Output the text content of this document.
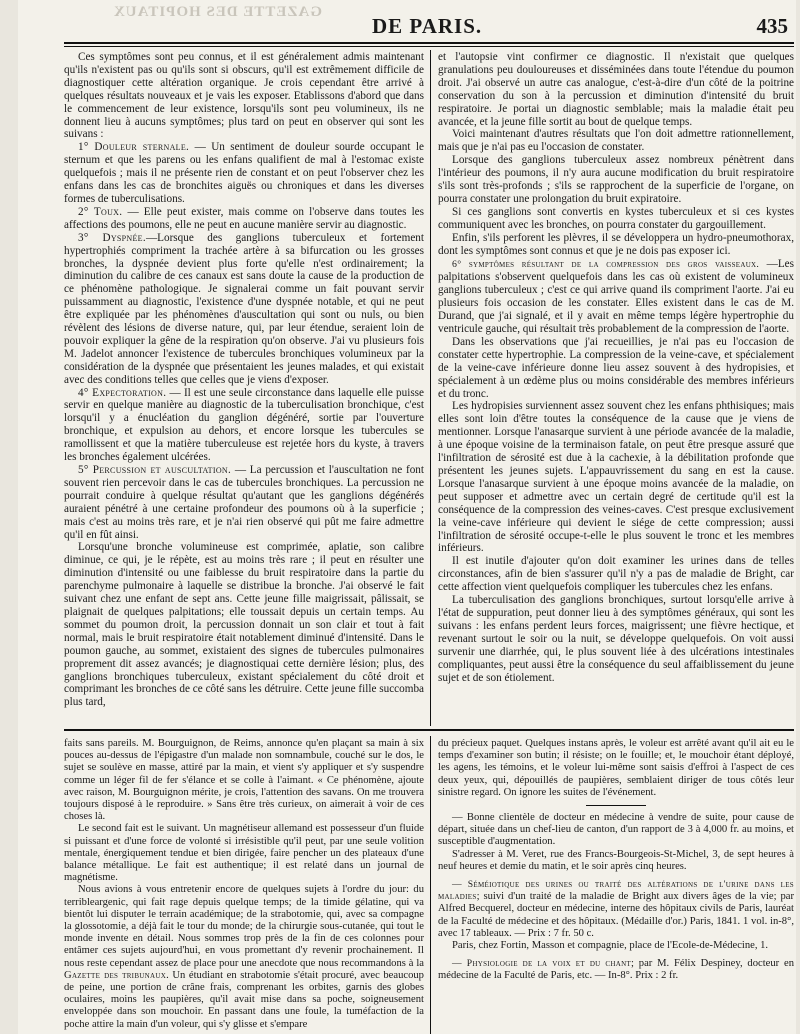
GAZETTE DES HOPITAUX
DE PARIS.	435

Ces symptômes sont peu connus, et il est généralement admis maintenant qu'ils n'existent pas ou qu'ils sont si obscurs, qu'il est extrêmement difficile de diagnostiquer cette altération organique. Je crois cependant être arrivé à quelques résultats nouveaux et je vais les exposer. Etablissons d'abord que dans le commencement de leur existence, lorsqu'ils sont peu volumineux, ils ne donnent lieu à aucuns symptômes; plus tard on peut en observer qui sont les suivans :

1° Douleur sternale. — Un sentiment de douleur sourde occupant le sternum et que les parens ou les enfans qualifient de mal à l'estomac existe quelquefois ; mais il ne présente rien de constant et on peut l'observer chez les enfans dans les cas de bronchites aiguës ou chroniques et dans les diverses formes de tuberculisations.

2° Toux. — Elle peut exister, mais comme on l'observe dans toutes les affections des poumons, elle ne peut en aucune manière servir au diagnostic.

3° Dyspnée.—Lorsque des ganglions tuberculeux et fortement hypertrophiés compriment la trachée artère à sa bifurcation ou les grosses bronches, la dyspnée devient plus forte qu'elle n'est ordinairement; la diminution du calibre de ces canaux est sans doute la cause de la production de ce phénomène pathologique. Je signalerai comme un fait pouvant servir puissamment au diagnostic, l'existence d'une dyspnée notable, et qui ne peut être expliquée par les phénomènes d'auscultation qui sont ou nuls, ou bien révèlent des lésions de diverse nature, qui, par leur étendue, seraient loin de pouvoir expliquer la gêne de la respiration qu'on observe. J'ai vu plusieurs fois M. Jadelot annoncer l'existence de tubercules bronchiques volumineux par la considération de la dyspnée que présentaient les jeunes malades, et qui existait avec des conditions telles que celles que je viens d'exposer.

4° Expectoration. — Il est une seule circonstance dans laquelle elle puisse servir en quelque manière au diagnostic de la tuberculisation bronchique, c'est lorsqu'il y a énucléation du ganglion dégénéré, sortie par l'ouverture bronchique, et expulsion au dehors, et encore lorsque les tubercules se ramollissent et que la matière tuberculeuse est rejetée hors du kyste, à travers les bronches également ulcérées.

5° Percussion et auscultation. — La percussion et l'auscultation ne font souvent rien percevoir dans le cas de tubercules bronchiques. La percussion ne pourrait conduire à quelque résultat qu'autant que les ganglions dégénérés auraient pénétré à une certaine profondeur des poumons où à la superficie ; mais c'est au moins très rare, et je n'ai rien observé qui pût me faire admettre qu'il en fût ainsi.

Lorsqu'une bronche volumineuse est comprimée, aplatie, son calibre diminue, ce qui, je le répète, est au moins très rare ; il peut en résulter une diminution d'intensité ou une faiblesse du bruit respiratoire dans la partie du parenchyme pulmonaire à laquelle se distribue la bronche. J'ai observé le fait suivant chez une enfant de sept ans. Cette jeune fille maigrissait, pâlissait, se plaignait de quelques palpitations; elle toussait depuis un certain temps. Au sommet du poumon droit, la percussion donnait un son clair et tout à fait normal, mais le bruit respiratoire était notablement diminué d'intensité. Dans le poumon gauche, au sommet, existaient des signes de tubercules pulmonaires proprement dit assez avancés; je diagnostiquai cette dernière lésion; plus, des ganglions bronchiques tuberculeux, existant spécialement du côté droit et comprimant les bronches de ce côté sans les détruire. Cette jeune fille succomba plus tard,

et l'autopsie vint confirmer ce diagnostic. Il n'existait que quelques granulations peu douloureuses et disséminées dans toute l'étendue du poumon droit. J'ai observé un autre cas analogue, c'est-à-dire d'un côté de la poitrine conservation du son à la percussion et diminution d'intensité du bruit respiratoire. Je portai un diagnostic semblable; mais la maladie était peu avancée, et la jeune fille sortit au bout de quelque temps.

Voici maintenant d'autres résultats que l'on doit admettre rationnellement, mais que je n'ai pas eu l'occasion de constater.

Lorsque des ganglions tuberculeux assez nombreux pénètrent dans l'intérieur des poumons, il n'y aura aucune modification du bruit respiratoire s'ils sont très-profonds ; s'ils se rapprochent de la superficie de l'organe, on pourra constater une prolongation du bruit expiratoire.

Si ces ganglions sont convertis en kystes tuberculeux et si ces kystes communiquent avec les bronches, on pourra constater du gargouillement.

Enfin, s'ils perforent les plèvres, il se développera un hydro-pneumothorax, dont les symptômes sont connus et que je ne dois pas exposer ici.

6° symptômes résultant de la compression des gros vaisseaux. —Les palpitations s'observent quelquefois dans les cas où existent de volumineux ganglions tuberculeux ; c'est ce qui arrive quand ils compriment l'aorte. J'ai eu plusieurs fois occasion de les constater. Elles existent dans le cas de M. Durand, que j'ai signalé, et il y avait en même temps légère hypertrophie du ventricule gauche, qui résultait très probablement de la compression de l'aorte.

Dans les observations que j'ai recueillies, je n'ai pas eu l'occasion de constater cette hypertrophie. La compression de la veine-cave, et spécialement de la veine-cave inférieure donne lieu assez souvent à des hydropisies, et spécialement à un œdème plus ou moins considérable des membres inférieurs et du tronc.

Les hydropisies surviennent assez souvent chez les enfans phthisiques; mais elles sont loin d'être toutes la conséquence de la cause que je viens de mentionner. Lorsque l'anasarque survient à une période avancée de la maladie, à une époque voisine de la terminaison fatale, on peut être presque assuré que l'infiltration de sérosité est due à la cachexie, à la débilitation profonde que présentent les jeunes sujets. L'appauvrissement du sang en est la cause. Lorsque l'anasarque survient à une époque moins avancée de la maladie, on peut supposer et admettre avec un certain degré de certitude qu'il est la conséquence de la compression des veines-caves. C'est presque exclusivement la veine-cave inférieure qui devient le siége de cette compression; aussi l'infiltration de sérosité occupe-t-elle le plus souvent le tronc et les membres inférieurs.

Il est inutile d'ajouter qu'on doit examiner les urines dans de telles circonstances, afin de bien s'assurer qu'il n'y a pas de maladie de Bright, car cette affection vient quelquefois compliquer les tubercules chez les enfans.

La tuberculisation des ganglions bronchiques, surtout lorsqu'elle arrive à l'état de suppuration, peut donner lieu à des symptômes généraux, qui sont les suivans : les enfans perdent leurs forces, maigrissent; une fièvre hectique, et revenant surtout le soir ou la nuit, se développe quelquefois. On voit aussi survenir une diarrhée, qui, le plus souvent liée à des ulcérations intestinales compliquantes, peut aussi être la conséquence du seul affaiblissement du jeune sujet et de son étiolement.

faits sans pareils. M. Bourguignon, de Reims, annonce qu'en plaçant sa main à six pouces au-dessus de l'épigastre d'un malade non somnambule, couché sur le dos, le sujet se soulève en masse, attiré par la main, et vient s'y appliquer et s'y suspendre comme un léger fil de fer s'élance et se colle à l'aimant. « Ce phénomène, ajoute avec raison, M. Bourguignon mérite, je crois, l'attention des savans. On me trouvera toujours disposé à le reproduire. » Sans être très curieux, on aimerait à voir de ces choses là.

Le second fait est le suivant. Un magnétiseur allemand est possesseur d'un fluide si puissant et d'une force de volonté si irrésistible qu'il peut, par une seule volition mentale, énergiquement tendue et bien dirigée, faire pencher un des plateaux d'une balance métallique. Le fait est authentique; il est relaté dans un journal de magnétisme.

Nous avions à vous entretenir encore de quelques sujets à l'ordre du jour: du terribleargenic, qui fait rage depuis quelque temps; de la timide gélatine, qui va bientôt lui disputer le terrain académique; de la strabotomie, qui, avec sa compagne la glossotomie, a déjà fait le tour du monde; de la chirurgie sous-cutanée, qui tout le monde invente en détail. Nous sommes trop près de la fin de ces colonnes pour entâmer ces sujets aujourd'hui, en vous promettant d'y revenir prochainement. Il nous reste cependant assez de place pour une anecdote que nous recommandons à la Gazette des tribunaux. Un étudiant en strabotomie s'était procuré, avec beaucoup de peine, une portion de crâne frais, comprenant les orbites, garnis des globes oculaires, moins les paupières, qu'il avait mise dans sa poche, soigneusement enveloppée dans son mouchoir. En passant dans une foule, la tuméfaction de la poche attire la main d'un voleur, qui s'y glisse et s'empare

du précieux paquet. Quelques instans après, le voleur est arrêté avant qu'il ait eu le temps d'examiner son butin; il résiste; on le fouille; et, le mouchoir étant déployé, les agens, les témoins, et le voleur lui-même sont saisis d'effroi à l'aspect de ces deux yeux, qui, dépouillés de paupières, semblaient diriger de tous côtés leur sinistre regard. On ignore les suites de l'événement.

— Bonne clientèle de docteur en médecine à vendre de suite, pour cause de départ, située dans un chef-lieu de canton, d'un rapport de 3 à 4,000 fr. au moins, et susceptible d'augmentation.

S'adresser à M. Veret, rue des Francs-Bourgeois-St-Michel, 3, de sept heures à neuf heures et demie du matin, et le soir après cinq heures.

— Séméiotique des urines ou traité des altérations de l'urine dans les maladies; suivi d'un traité de la maladie de Bright aux divers âges de la vie; par Alfred Becquerel, docteur en médecine, interne des hôpitaux civils de Paris, lauréat de la Faculté de médecine et des hôpitaux. (Médaille d'or.) Paris, 1841. 1 vol. in-8°, avec 17 tableaux. — Prix : 7 fr. 50 c.

Paris, chez Fortin, Masson et compagnie, place de l'Ecole-de-Médecine, 1.

— Physiologie de la voix et du chant; par M. Félix Despiney, docteur en médecine de la Faculté de Paris, etc. — In-8°. Prix : 2 fr.
